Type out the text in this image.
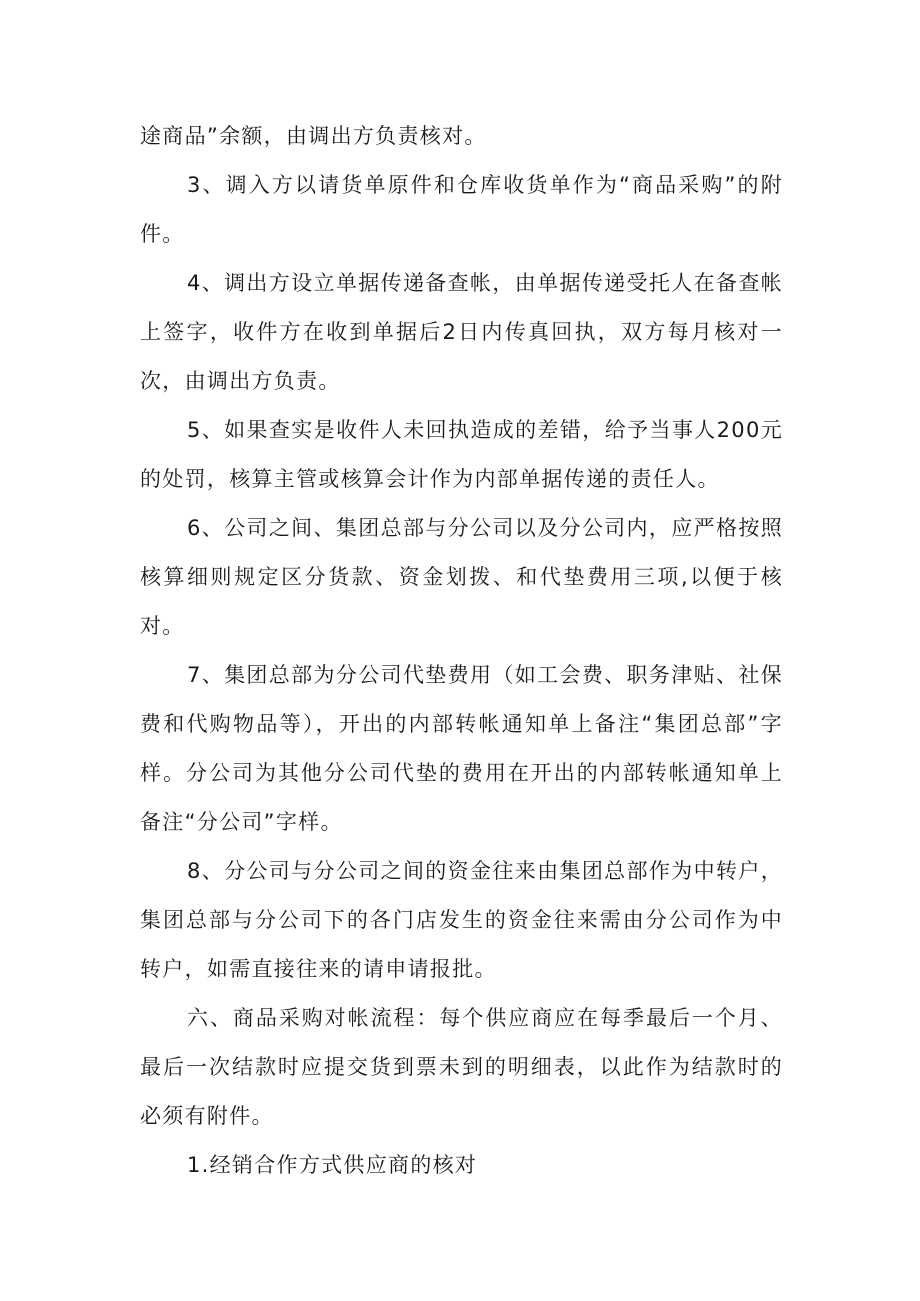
途商品”余额，由调出方负责核对。

3、调入方以请货单原件和仓库收货单作为“商品采购”的附件。

4、调出方设立单据传递备查帐，由单据传递受托人在备查帐上签字，收件方在收到单据后2日内传真回执，双方每月核对一次，由调出方负责。

5、如果查实是收件人未回执造成的差错，给予当事人200元的处罚，核算主管或核算会计作为内部单据传递的责任人。

6、公司之间、集团总部与分公司以及分公司内，应严格按照核算细则规定区分货款、资金划拨、和代垫费用三项,以便于核对。

7、集团总部为分公司代垫费用（如工会费、职务津贴、社保费和代购物品等），开出的内部转帐通知单上备注“集团总部”字样。分公司为其他分公司代垫的费用在开出的内部转帐通知单上备注“分公司”字样。

8、分公司与分公司之间的资金往来由集团总部作为中转户，集团总部与分公司下的各门店发生的资金往来需由分公司作为中转户，如需直接往来的请申请报批。

六、商品采购对帐流程：每个供应商应在每季最后一个月、最后一次结款时应提交货到票未到的明细表，以此作为结款时的必须有附件。

1.经销合作方式供应商的核对
